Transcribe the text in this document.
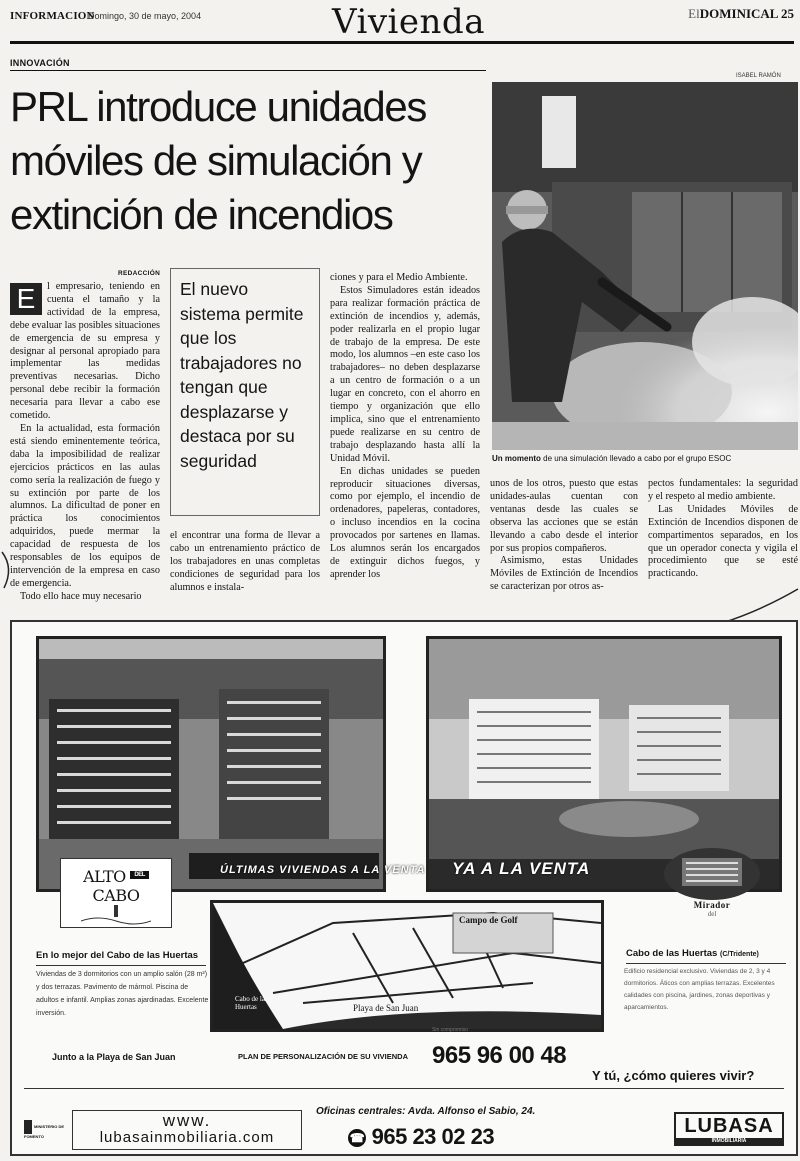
INFORMACION
Domingo, 30 de mayo, 2004	Vivienda	ElDOMINICAL 25
INNOVACIÓN
PRL introduce unidades móviles de simulación y extinción de incendios
ISABEL RAMÓN
Un momento de una simulación llevado a cabo por el grupo ESOC
REDACCIÓN

E	l empresario, teniendo en cuenta el tamaño y la actividad de la empresa, debe evaluar las posibles situaciones de emergencia de su empresa y designar al personal apropiado para implementar las medidas preventivas necesarias. Dicho personal debe recibir la formación necesaria para llevar a cabo ese cometido.

En la actualidad, esta formación está siendo eminentemente teórica, daba la imposibilidad de realizar ejercicios prácticos en las aulas como sería la realización de fuego y su extinción por parte de los alumnos. La dificultad de poner en práctica los conocimientos adquiridos, puede mermar la capacidad de respuesta de los responsables de los equipos de intervención de la empresa en caso de emergencia.

Todo ello hace muy necesario

El nuevo sistema permite que los trabajadores no tengan que desplazarse y destaca por su seguridad

el encontrar una forma de llevar a cabo un entrenamiento práctico de los trabajadores en unas completas condiciones de seguridad para los alumnos e instala-

ciones y para el Medio Ambiente.

Estos Simuladores están ideados para realizar formación práctica de extinción de incendios y, además, poder realizarla en el propio lugar de trabajo de la empresa. De este modo, los alumnos –en este caso los trabajadores– no deben desplazarse a un centro de formación o a un lugar en concreto, con el ahorro en tiempo y organización que ello implica, sino que el entrenamiento puede realizarse en su centro de trabajo desplazando hasta allí la Unidad Móvil.

En dichas unidades se pueden reproducir situaciones diversas, como por ejemplo, el incendio de ordenadores, papeleras, contadores, o incluso incendios en la cocina provocados por sartenes en llamas. Los alumnos serán los encargados de extinguir dichos fuegos, y aprender los

unos de los otros, puesto que estas unidades-aulas cuentan con ventanas desde las cuales se observa las acciones que se están llevando a cabo desde el interior por sus propios compañeros.

Asimismo, estas Unidades Móviles de Extinción de Incendios se caracterizan por otros as-

pectos fundamentales: la seguridad y el respeto al medio ambiente.

Las Unidades Móviles de Extinción de Incendios disponen de compartimentos separados, en los que un operador conecta y vigila el procedimiento que se esté practicando.

ÚLTIMAS VIVIENDAS A LA VENTA YA A LA VENTA
ALTO DEL CABO	Mirador
del
Campo de Golf
Cabo de las Huertas	Playa de San Juan
En lo mejor del Cabo de las Huertas
Viviendas de 3 dormitorios con un amplio salón (28 m²) y dos terrazas. Pavimento de mármol. Piscina de adultos e infantil. Amplias zonas ajardinadas. Excelente inversión.
Cabo de las Huertas (C/Tridente)
Edificio residencial exclusivo. Viviendas de 2, 3 y 4 dormitorios. Áticos con amplias terrazas. Excelentes calidades con piscina, jardines, zonas deportivas y aparcamientos.
Junto a la Playa de San Juan	PLAN DE PERSONALIZACIÓN DE SU VIVIENDA
Sin compromiso
965 96 00 48
Y tú, ¿cómo quieres vivir?
MINISTERIO DE FOMENTO
www.
lubasainmobiliaria.com
Oficinas centrales: Avda. Alfonso el Sabio, 24.
☎ 965 23 02 23	LUBASA
INMOBILIARIA
